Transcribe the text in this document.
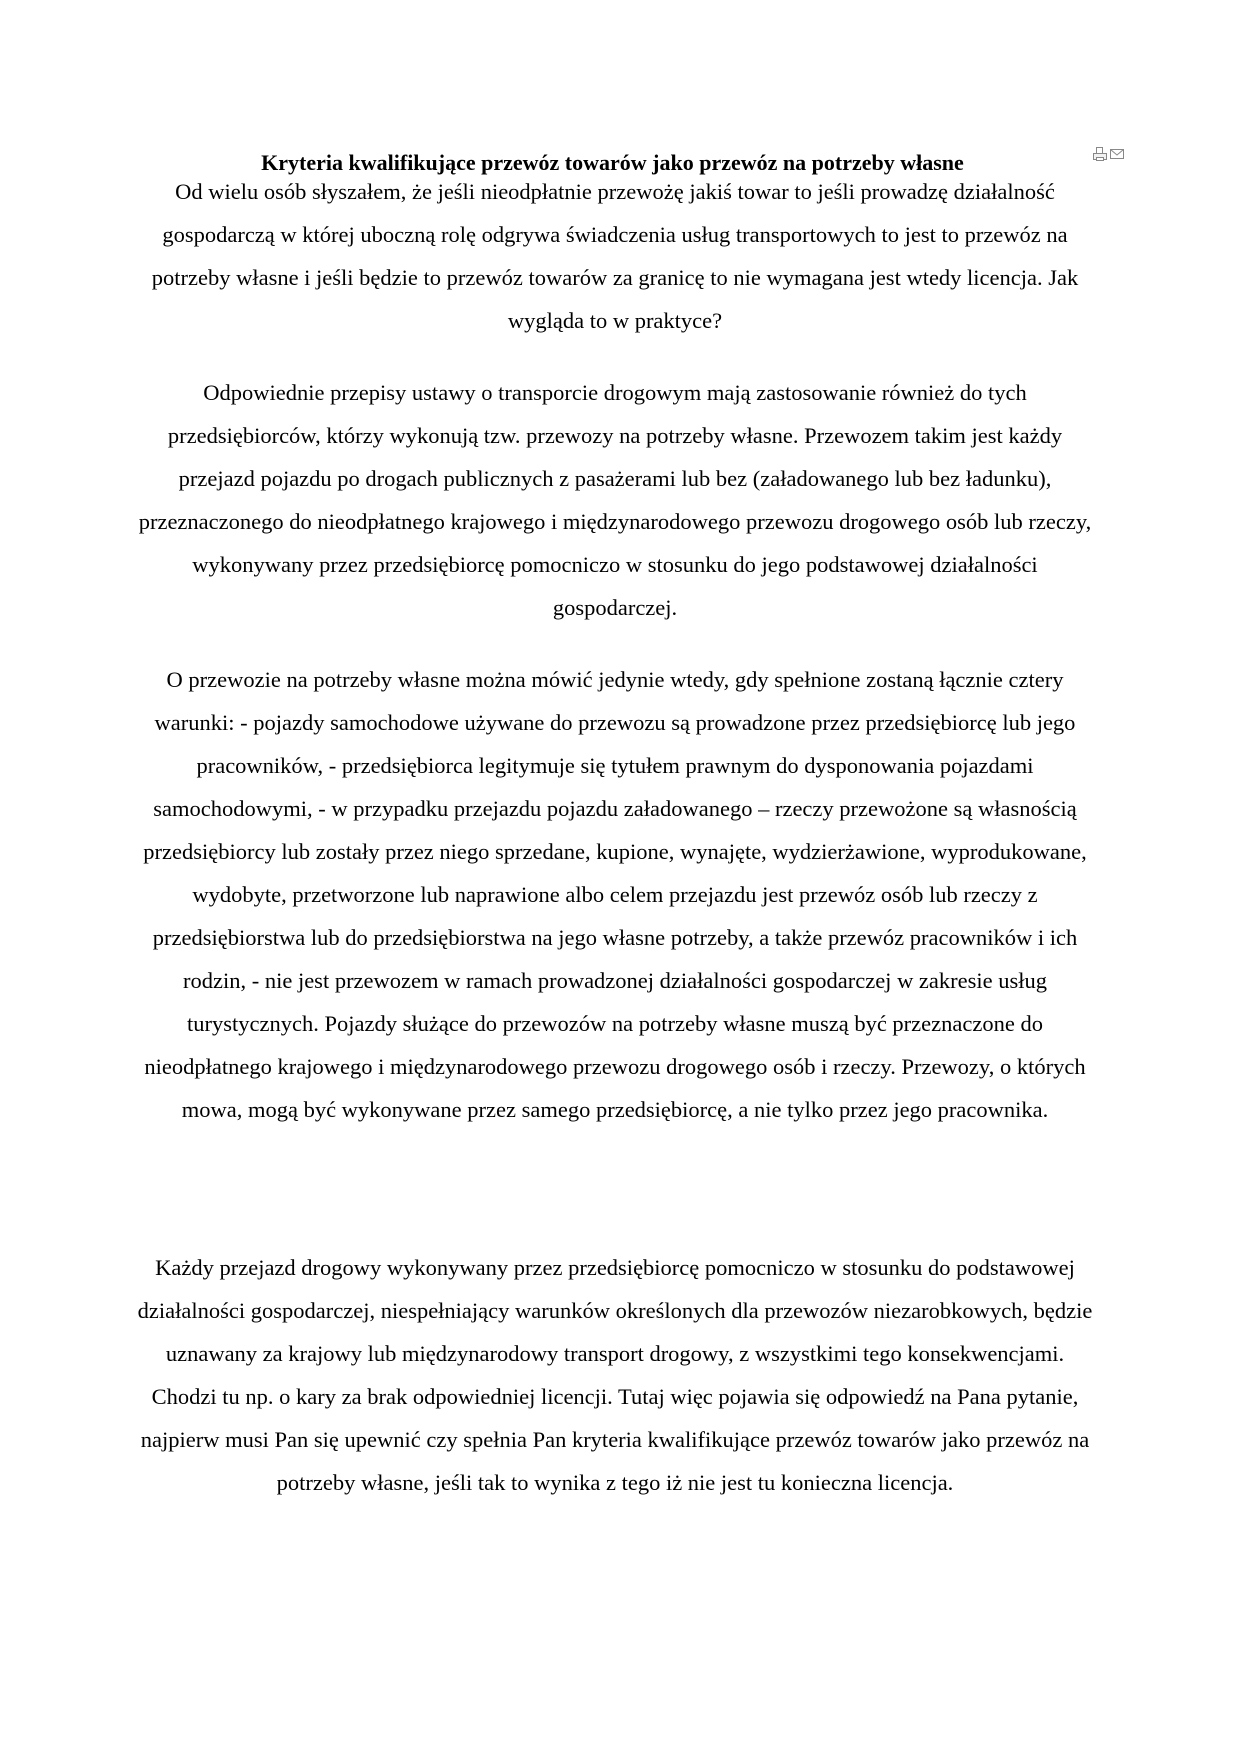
Kryteria kwalifikujące przewóz towarów jako przewóz na potrzeby własne

Od wielu osób słyszałem, że jeśli nieodpłatnie przewożę jakiś towar to jeśli prowadzę działalność gospodarczą w której uboczną rolę odgrywa świadczenia usług transportowych to jest to przewóz na potrzeby własne i jeśli będzie to przewóz towarów za granicę to nie wymagana jest wtedy licencja. Jak wygląda to w praktyce?

Odpowiednie przepisy ustawy o transporcie drogowym mają zastosowanie również do tych przedsiębiorców, którzy wykonują tzw. przewozy na potrzeby własne. Przewozem takim jest każdy przejazd pojazdu po drogach publicznych z pasażerami lub bez (załadowanego lub bez ładunku), przeznaczonego do nieodpłatnego krajowego i międzynarodowego przewozu drogowego osób lub rzeczy, wykonywany przez przedsiębiorcę pomocniczo w stosunku do jego podstawowej działalności gospodarczej.

O przewozie na potrzeby własne można mówić jedynie wtedy, gdy spełnione zostaną łącznie cztery warunki: - pojazdy samochodowe używane do przewozu są prowadzone przez przedsiębiorcę lub jego pracowników, - przedsiębiorca legitymuje się tytułem prawnym do dysponowania pojazdami samochodowymi, - w przypadku przejazdu pojazdu załadowanego – rzeczy przewożone są własnością przedsiębiorcy lub zostały przez niego sprzedane, kupione, wynajęte, wydzierżawione, wyprodukowane, wydobyte, przetworzone lub naprawione albo celem przejazdu jest przewóz osób lub rzeczy z przedsiębiorstwa lub do przedsiębiorstwa na jego własne potrzeby, a także przewóz pracowników i ich rodzin, - nie jest przewozem w ramach prowadzonej działalności gospodarczej w zakresie usług turystycznych. Pojazdy służące do przewozów na potrzeby własne muszą być przeznaczone do nieodpłatnego krajowego i międzynarodowego przewozu drogowego osób i rzeczy. Przewozy, o których mowa, mogą być wykonywane przez samego przedsiębiorcę, a nie tylko przez jego pracownika.

Każdy przejazd drogowy wykonywany przez przedsiębiorcę pomocniczo w stosunku do podstawowej działalności gospodarczej, niespełniający warunków określonych dla przewozów niezarobkowych, będzie uznawany za krajowy lub międzynarodowy transport drogowy, z wszystkimi tego konsekwencjami. Chodzi tu np. o kary za brak odpowiedniej licencji. Tutaj więc pojawia się odpowiedź na Pana pytanie, najpierw musi Pan się upewnić czy spełnia Pan kryteria kwalifikujące przewóz towarów jako przewóz na potrzeby własne, jeśli tak to wynika z tego iż nie jest tu konieczna licencja.
